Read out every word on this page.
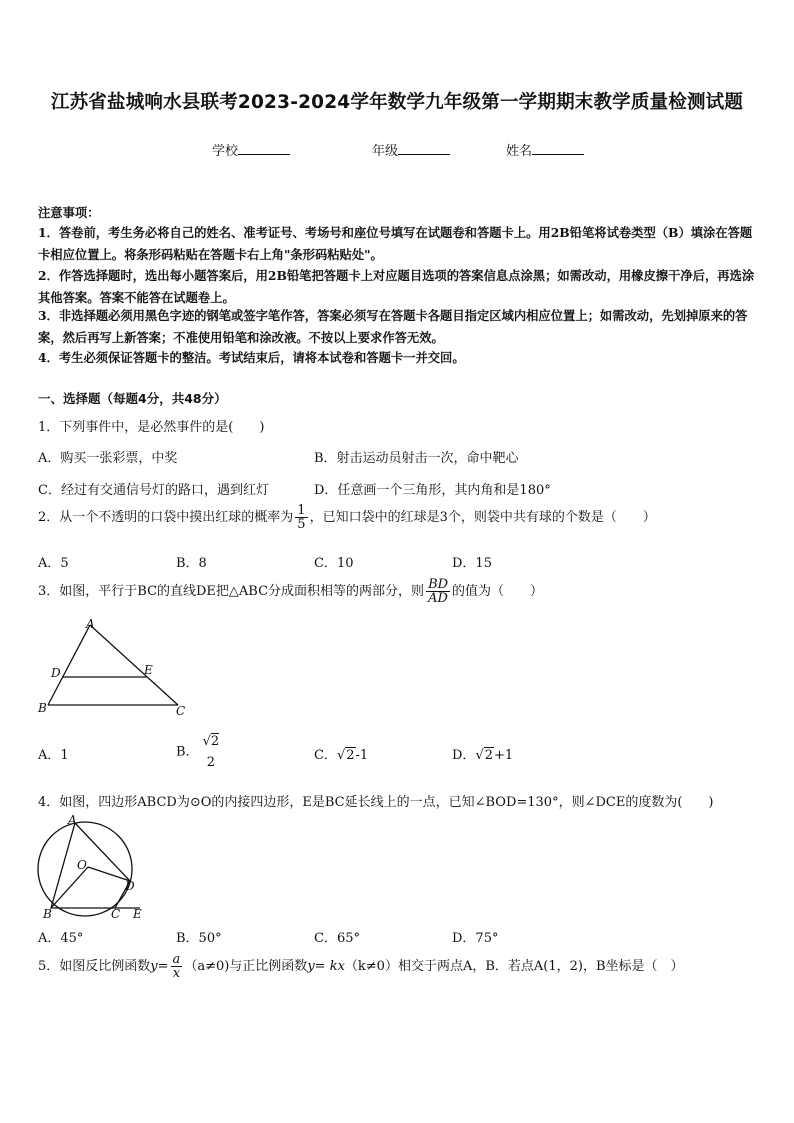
江苏省盐城响水县联考2023-2024学年数学九年级第一学期期末教学质量检测试题
学校	年级	姓名
注意事项：
1．答卷前，考生务必将自己的姓名、准考证号、考场号和座位号填写在试题卷和答题卡上。用2B铅笔将试卷类型（B）填涂在答题卡相应位置上。将条形码粘贴在答题卡右上角"条形码粘贴处"。
2．作答选择题时，选出每小题答案后，用2B铅笔把答题卡上对应题目选项的答案信息点涂黑；如需改动，用橡皮擦干净后，再选涂其他答案。答案不能答在试题卷上。
3．非选择题必须用黑色字迹的钢笔或签字笔作答，答案必须写在答题卡各题目指定区域内相应位置上；如需改动，先划掉原来的答案，然后再写上新答案；不准使用铅笔和涂改液。不按以上要求作答无效。
4．考生必须保证答题卡的整洁。考试结束后，请将本试卷和答题卡一并交回。
一、选择题（每题4分，共48分）
1．下列事件中，是必然事件的是(　　)
A．购买一张彩票，中奖	B．射击运动员射击一次，命中靶心
C．经过有交通信号灯的路口，遇到红灯	D．任意画一个三角形，其内角和是180°
2．从一个不透明的口袋中摸出红球的概率为 $\frac{1}{5}$ ，已知口袋中的红球是3个，则袋中共有球的个数是（　　）
A．5	B．8	C．10	D．15
3．如图，平行于BC的直线DE把△ABC分成面积相等的两部分，则 $\frac{BD}{AD}$ 的值为（　　）
A
D	E
B	C
A．1	B．
√2
2	C．√2-1	D．√2+1
4．如图，四边形ABCD为⊙O的内接四边形，E是BC延长线上的一点，已知∠BOD=130°，则∠DCE的度数为(　　)
A
O
D
B	C E
A．45°	B．50°	C．65°	D．75°
5．如图反比例函数$y= \frac{a}{x} (a\ne 0)$与正比例函数y= kx（k≠0）相交于两点A，B．若点A(1，2)，B坐标是（　）
